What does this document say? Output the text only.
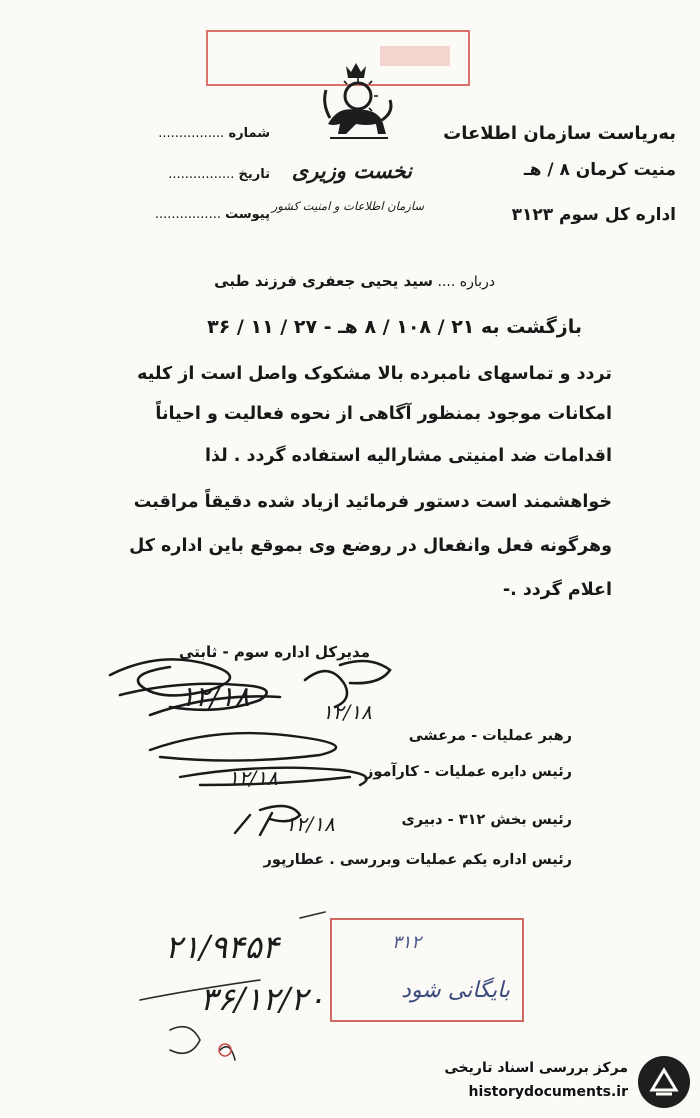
نخست وزیری
سازمان اطلاعات و امنیت کشور
به‌ریاست سازمان اطلاعات
منیت کرمان ۸ / هـ
اداره کل سوم ۳۱۲۳
شماره ................
تاریخ ................
پیوست ................
درباره .... سید یحیی جعفری فرزند طبی
بازگشت به ۲۱ / ۱۰۸ / ۸ هـ - ۲۷ / ۱۱ / ۳۶
تردد و تماسهای نامبرده بالا مشکوک واصل است از کلیه
امکانات موجود بمنظور آگاهی از نحوه فعالیت و احیاناً
اقدامات ضد امنیتی مشارالیه استفاده گردد . لذا
خواهشمند است دستور فرمائید ازیاد شده دقیقاً مراقبت
وهرگونه فعل وانفعال در روضع وی بموقع باین اداره کل
اعلام گردد .-
مدیرکل اداره سوم - ثابتی
۱۲/۱۸	۱۲/۱۸
رهبر عملیات - مرعشی
رئیس دایره عملیات - کارآموز
رئیس بخش ۳۱۲ - دبیری
رئیس اداره یکم عملیات وبررسی . عطارپور
۱۲/۱۸
۱۲/۱۸
۳۱۲
بایگانی شود
۲۱/۹۴۵۴
۳۶/۱۲/۲۰
مرکز بررسی اسناد تاریخی
historydocuments.ir
